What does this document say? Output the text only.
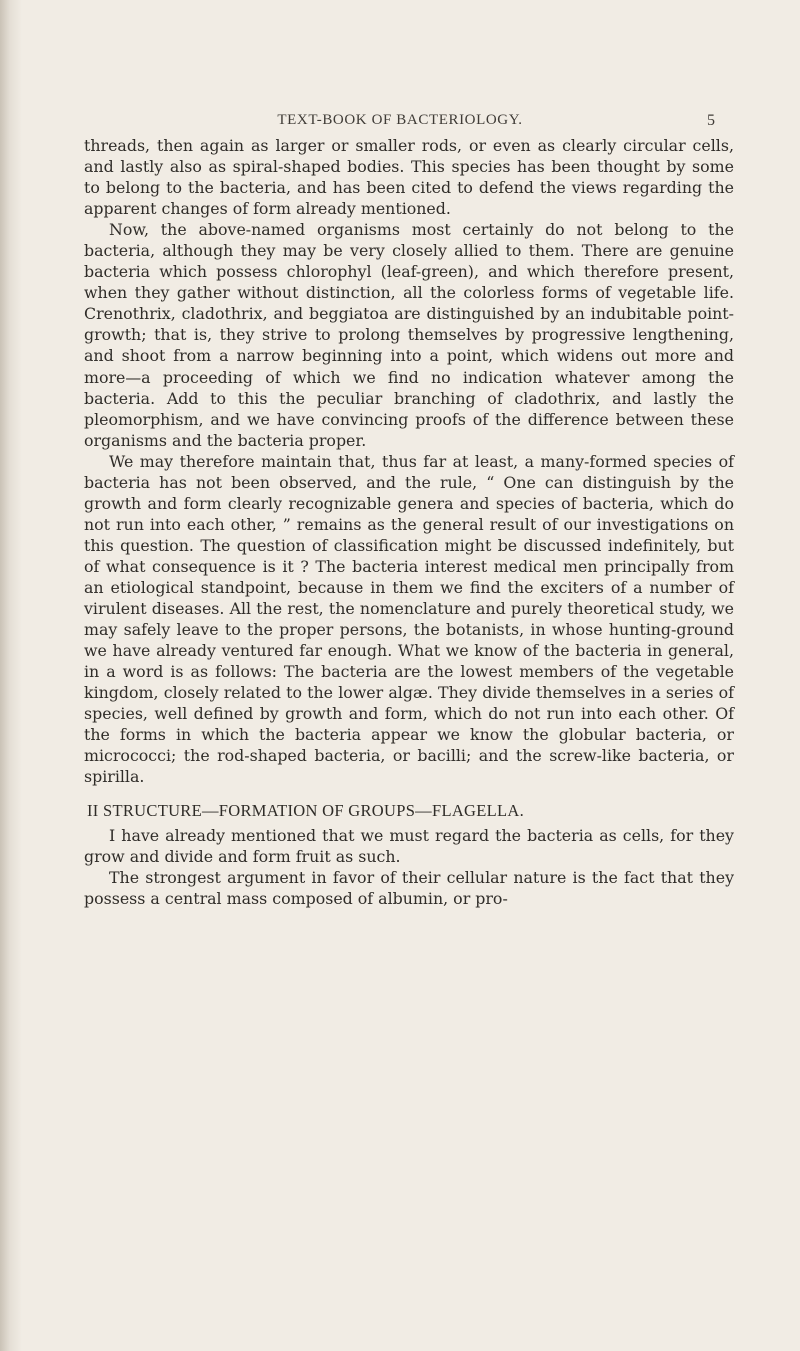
TEXT-BOOK OF BACTERIOLOGY.	5

threads, then again as larger or smaller rods, or even as clearly circular cells, and lastly also as spiral-shaped bodies. This species has been thought by some to belong to the bacteria, and has been cited to defend the views regarding the apparent changes of form already mentioned.

Now, the above-named organisms most certainly do not belong to the bacteria, although they may be very closely allied to them. There are genuine bacteria which possess chlorophyl (leaf-green), and which therefore present, when they gather without distinction, all the colorless forms of vegetable life. Crenothrix, cladothrix, and beggiatoa are distinguished by an indubitable point-growth; that is, they strive to prolong themselves by progressive lengthening, and shoot from a narrow beginning into a point, which widens out more and more—a proceeding of which we find no indication whatever among the bacteria. Add to this the peculiar branching of cladothrix, and lastly the pleomorphism, and we have convincing proofs of the difference between these organisms and the bacteria proper.

We may therefore maintain that, thus far at least, a many-formed species of bacteria has not been observed, and the rule, “ One can distinguish by the growth and form clearly recognizable genera and species of bacteria, which do not run into each other, ” remains as the general result of our investigations on this question. The question of classification might be discussed indefinitely, but of what consequence is it ? The bacteria interest medical men principally from an etiological standpoint, because in them we find the exciters of a number of virulent diseases. All the rest, the nomenclature and purely theoretical study, we may safely leave to the proper persons, the botanists, in whose hunting-ground we have already ventured far enough. What we know of the bacteria in general, in a word is as follows: The bacteria are the lowest members of the vegetable kingdom, closely related to the lower algæ. They divide themselves in a series of species, well defined by growth and form, which do not run into each other. Of the forms in which the bacteria appear we know the globular bacteria, or micrococci; the rod-shaped bacteria, or bacilli; and the screw-like bacteria, or spirilla.

II STRUCTURE—FORMATION OF GROUPS—FLAGELLA.

I have already mentioned that we must regard the bacteria as cells, for they grow and divide and form fruit as such.

The strongest argument in favor of their cellular nature is the fact that they possess a central mass composed of albumin, or pro-
